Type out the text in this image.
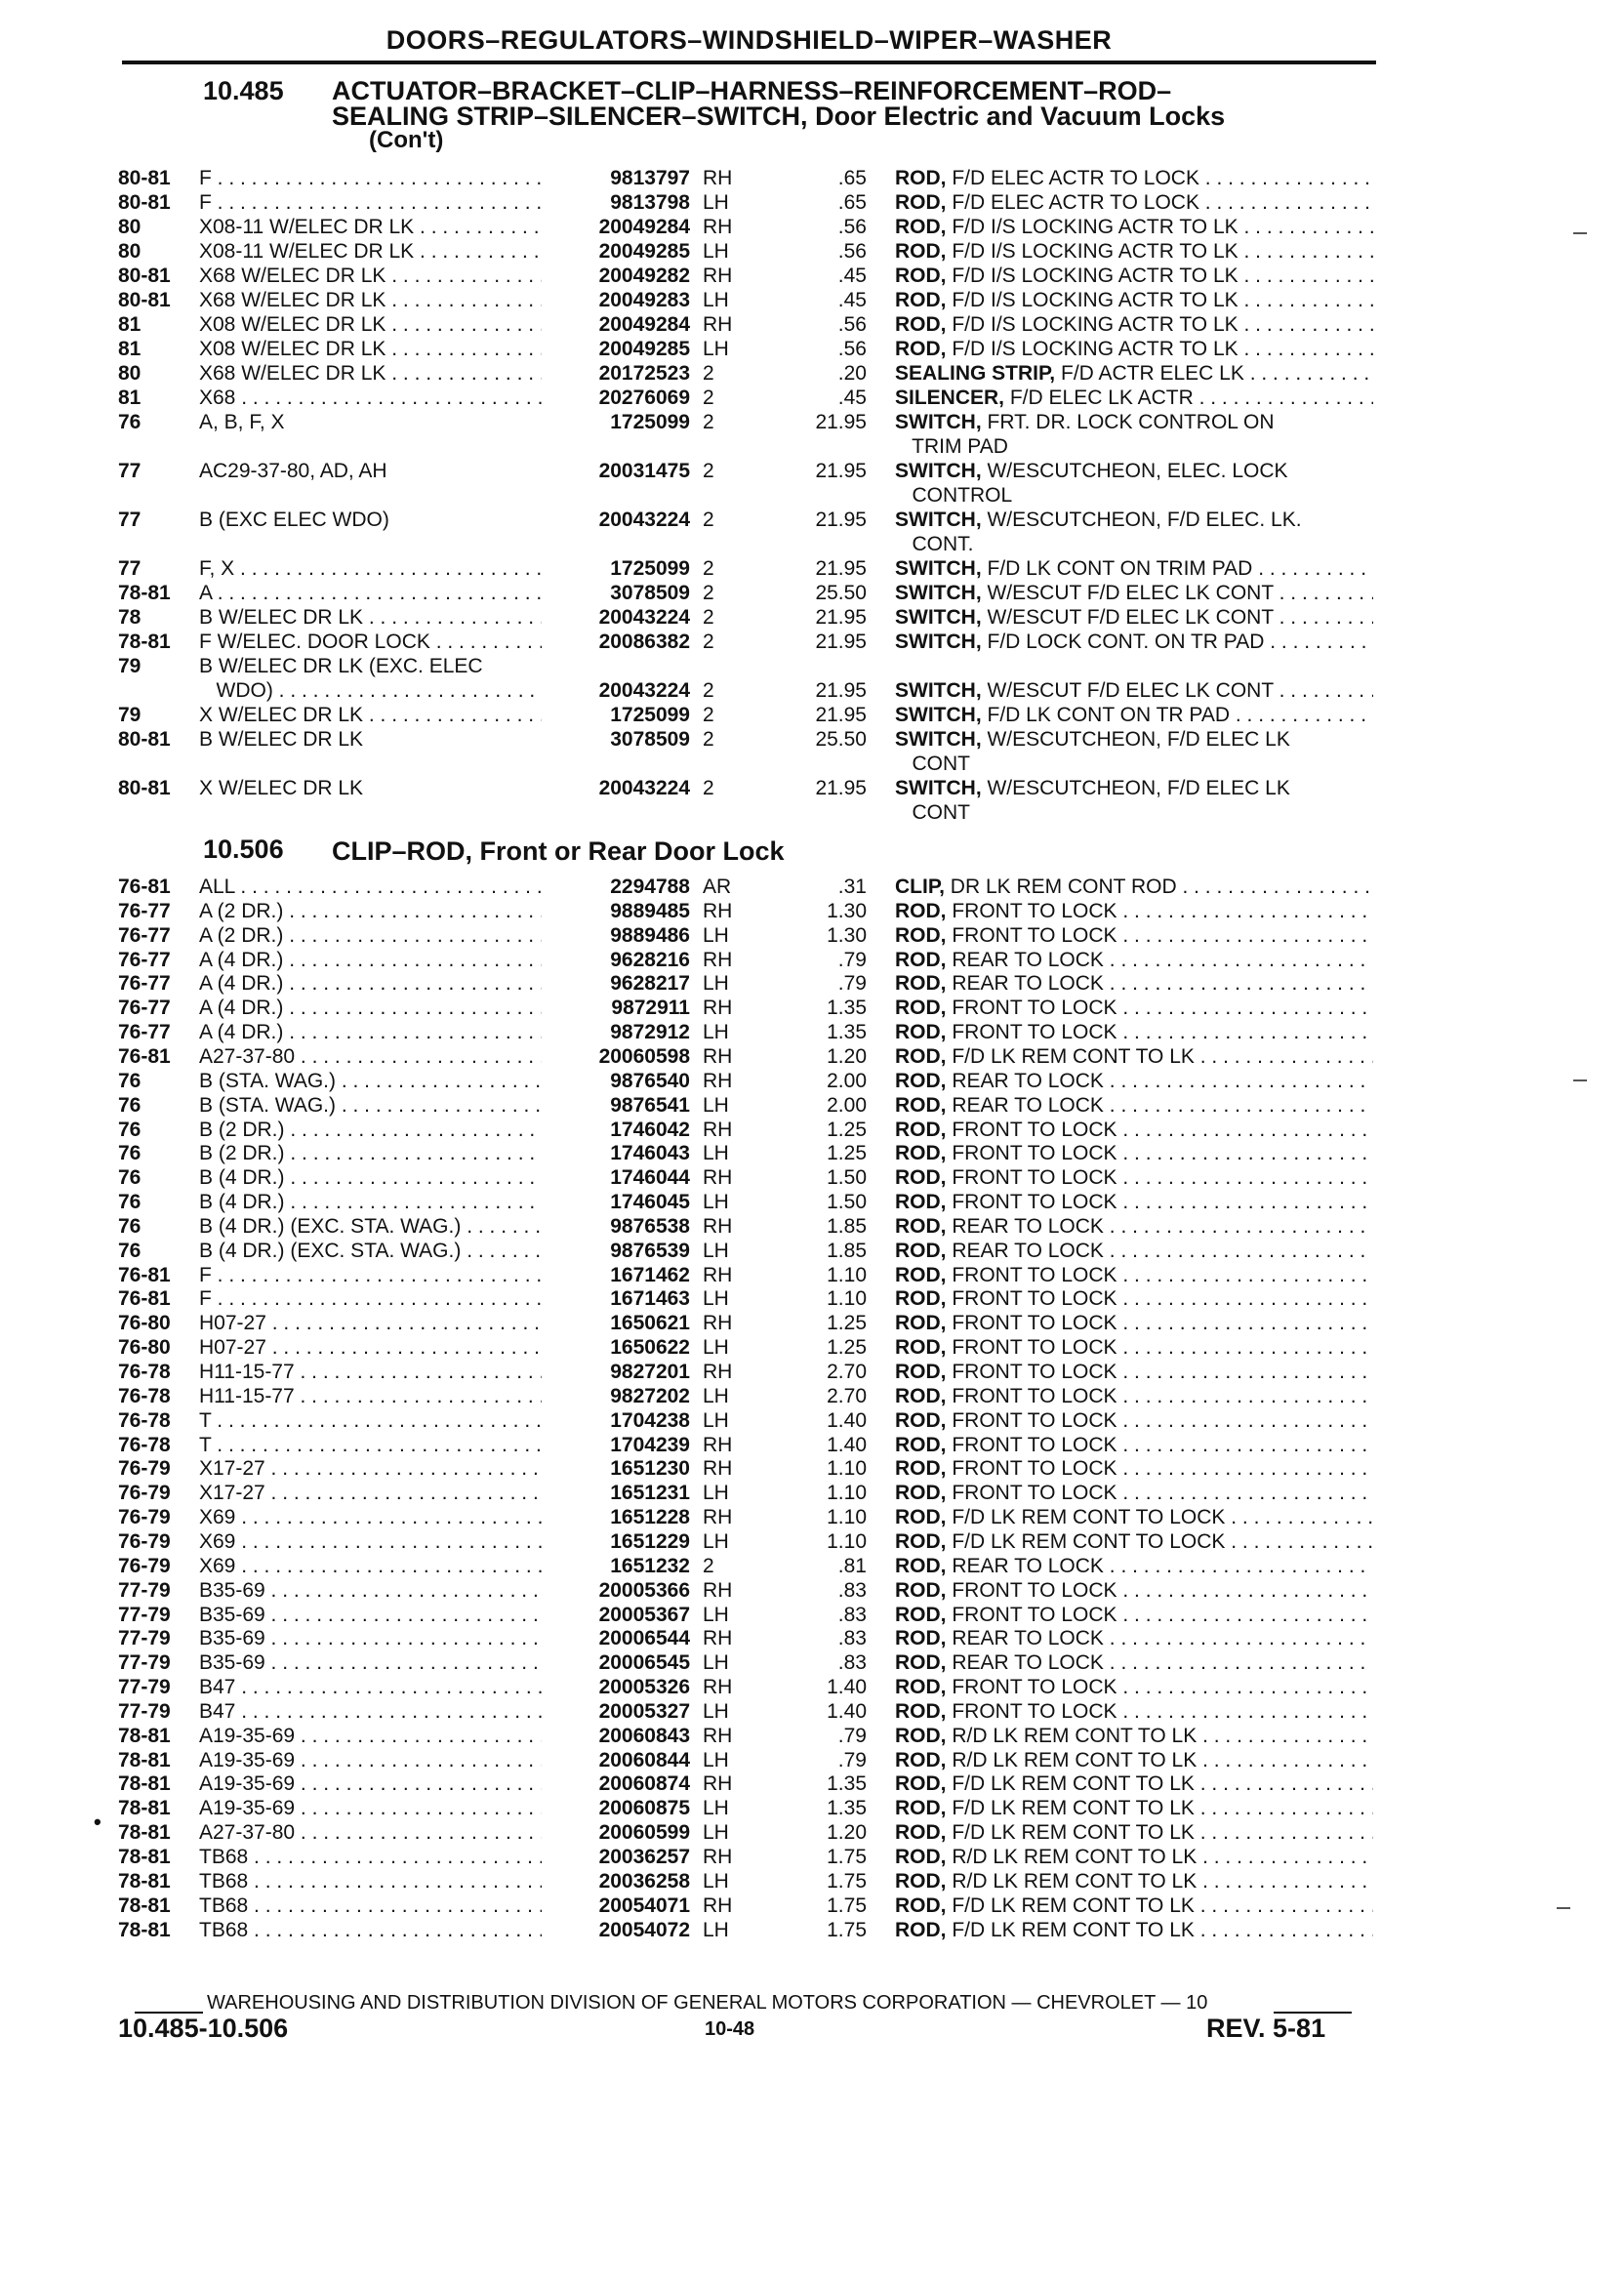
DOORS–REGULATORS–WINDSHIELD–WIPER–WASHER
10.485 ACTUATOR–BRACKET–CLIP–HARNESS–REINFORCEMENT–ROD–
SEALING STRIP–SILENCER–SWITCH, Door Electric and Vacuum Locks
(Con't)
80-81	F . . .	9813797 RH	.65 ROD, F/D ELEC ACTR TO LOCK . . .
80-81	F . . .	9813798 LH	.65 ROD, F/D ELEC ACTR TO LOCK . . .
80	X08-11 W/ELEC DR LK . . .	20049284 RH	.56 ROD, F/D I/S LOCKING ACTR TO LK . . .
80	X08-11 W/ELEC DR LK . . .	20049285 LH	.56 ROD, F/D I/S LOCKING ACTR TO LK . . .
80-81	X68 W/ELEC DR LK . . .	20049282 RH	.45 ROD, F/D I/S LOCKING ACTR TO LK . . .
80-81	X68 W/ELEC DR LK . . .	20049283 LH	.45 ROD, F/D I/S LOCKING ACTR TO LK . . .
81	X08 W/ELEC DR LK . . .	20049284 RH	.56 ROD, F/D I/S LOCKING ACTR TO LK . . .
81	X08 W/ELEC DR LK . . .	20049285 LH	.56 ROD, F/D I/S LOCKING ACTR TO LK . . .
80	X68 W/ELEC DR LK . . .	20172523 2	.20 SEALING STRIP, F/D ACTR ELEC LK . . .
81	X68 . . .	20276069 2	.45 SILENCER, F/D ELEC LK ACTR . . .
76	A, B, F, X	1725099 2	21.95 SWITCH, FRT. DR. LOCK CONTROL ON
TRIM PAD
77	AC29-37-80, AD, AH	20031475 2	21.95 SWITCH, W/ESCUTCHEON, ELEC. LOCK
CONTROL
77	B (EXC ELEC WDO)	20043224 2	21.95 SWITCH, W/ESCUTCHEON, F/D ELEC. LK.
CONT.
77	F, X . . .	1725099 2	21.95 SWITCH, F/D LK CONT ON TRIM PAD . . .
78-81	A . . .	3078509 2	25.50 SWITCH, W/ESCUT F/D ELEC LK CONT . . .
78	B W/ELEC DR LK . . .	20043224 2	21.95 SWITCH, W/ESCUT F/D ELEC LK CONT . . .
78-81	F W/ELEC. DOOR LOCK . . .	20086382 2	21.95 SWITCH, F/D LOCK CONT. ON TR PAD . . .
79	B W/ELEC DR LK (EXC. ELEC
WDO) . . .	20043224 2	21.95 SWITCH, W/ESCUT F/D ELEC LK CONT . . .
79	X W/ELEC DR LK . . .	1725099 2	21.95 SWITCH, F/D LK CONT ON TR PAD . . .
80-81	B W/ELEC DR LK	3078509 2	25.50 SWITCH, W/ESCUTCHEON, F/D ELEC LK
CONT
80-81	X W/ELEC DR LK	20043224 2	21.95 SWITCH, W/ESCUTCHEON, F/D ELEC LK
CONT
10.506 CLIP–ROD, Front or Rear Door Lock
76-81	ALL . . .	2294788 AR	.31 CLIP, DR LK REM CONT ROD . . .
76-77	A (2 DR.) . . .	9889485 RH	1.30 ROD, FRONT TO LOCK . . .
76-77	A (2 DR.) . . .	9889486 LH	1.30 ROD, FRONT TO LOCK . . .
76-77	A (4 DR.) . . .	9628216 RH	.79 ROD, REAR TO LOCK . . .
76-77	A (4 DR.) . . .	9628217 LH	.79 ROD, REAR TO LOCK . . .
76-77	A (4 DR.) . . .	9872911 RH	1.35 ROD, FRONT TO LOCK . . .
76-77	A (4 DR.) . . .	9872912 LH	1.35 ROD, FRONT TO LOCK . . .
76-81	A27-37-80 . . .	20060598 RH	1.20 ROD, F/D LK REM CONT TO LK . . .
76	B (STA. WAG.) . . .	9876540 RH	2.00 ROD, REAR TO LOCK . . .
76	B (STA. WAG.) . . .	9876541 LH	2.00 ROD, REAR TO LOCK . . .
76	B (2 DR.) . . .	1746042 RH	1.25 ROD, FRONT TO LOCK . . .
76	B (2 DR.) . . .	1746043 LH	1.25 ROD, FRONT TO LOCK . . .
76	B (4 DR.) . . .	1746044 RH	1.50 ROD, FRONT TO LOCK . . .
76	B (4 DR.) . . .	1746045 LH	1.50 ROD, FRONT TO LOCK . . .
76	B (4 DR.) (EXC. STA. WAG.) . . .	9876538 RH	1.85 ROD, REAR TO LOCK . . .
76	B (4 DR.) (EXC. STA. WAG.) . . .	9876539 LH	1.85 ROD, REAR TO LOCK . . .
76-81	F . . .	1671462 RH	1.10 ROD, FRONT TO LOCK . . .
76-81	F . . .	1671463 LH	1.10 ROD, FRONT TO LOCK . . .
76-80	H07-27 . . .	1650621 RH	1.25 ROD, FRONT TO LOCK . . .
76-80	H07-27 . . .	1650622 LH	1.25 ROD, FRONT TO LOCK . . .
76-78	H11-15-77 . . .	9827201 RH	2.70 ROD, FRONT TO LOCK . . .
76-78	H11-15-77 . . .	9827202 LH	2.70 ROD, FRONT TO LOCK . . .
76-78	T . . .	1704238 LH	1.40 ROD, FRONT TO LOCK . . .
76-78	T . . .	1704239 RH	1.40 ROD, FRONT TO LOCK . . .
76-79	X17-27 . . .	1651230 RH	1.10 ROD, FRONT TO LOCK . . .
76-79	X17-27 . . .	1651231 LH	1.10 ROD, FRONT TO LOCK . . .
76-79	X69 . . .	1651228 RH	1.10 ROD, F/D LK REM CONT TO LOCK . . .
76-79	X69 . . .	1651229 LH	1.10 ROD, F/D LK REM CONT TO LOCK . . .
76-79	X69 . . .	1651232 2	.81 ROD, REAR TO LOCK . . .
77-79	B35-69 . . .	20005366 RH	.83 ROD, FRONT TO LOCK . . .
77-79	B35-69 . . .	20005367 LH	.83 ROD, FRONT TO LOCK . . .
77-79	B35-69 . . .	20006544 RH	.83 ROD, REAR TO LOCK . . .
77-79	B35-69 . . .	20006545 LH	.83 ROD, REAR TO LOCK . . .
77-79	B47 . . .	20005326 RH	1.40 ROD, FRONT TO LOCK . . .
77-79	B47 . . .	20005327 LH	1.40 ROD, FRONT TO LOCK . . .
78-81	A19-35-69 . . .	20060843 RH	.79 ROD, R/D LK REM CONT TO LK . . .
78-81	A19-35-69 . . .	20060844 LH	.79 ROD, R/D LK REM CONT TO LK . . .
78-81	A19-35-69 . . .	20060874 RH	1.35 ROD, F/D LK REM CONT TO LK . . .
78-81	A19-35-69 . . .	20060875 LH	1.35 ROD, F/D LK REM CONT TO LK . . .
78-81	A27-37-80 . . .	20060599 LH	1.20 ROD, F/D LK REM CONT TO LK . . .
78-81	TB68 . . .	20036257 RH	1.75 ROD, R/D LK REM CONT TO LK . . .
78-81	TB68 . . .	20036258 LH	1.75 ROD, R/D LK REM CONT TO LK . . .
78-81	TB68 . . .	20054071 RH	1.75 ROD, F/D LK REM CONT TO LK . . .
78-81	TB68 . . .	20054072 LH	1.75 ROD, F/D LK REM CONT TO LK . . .
•
WAREHOUSING AND DISTRIBUTION DIVISION OF GENERAL MOTORS CORPORATION — CHEVROLET — 10
10.485-10.506	10-48	REV. 5-81
